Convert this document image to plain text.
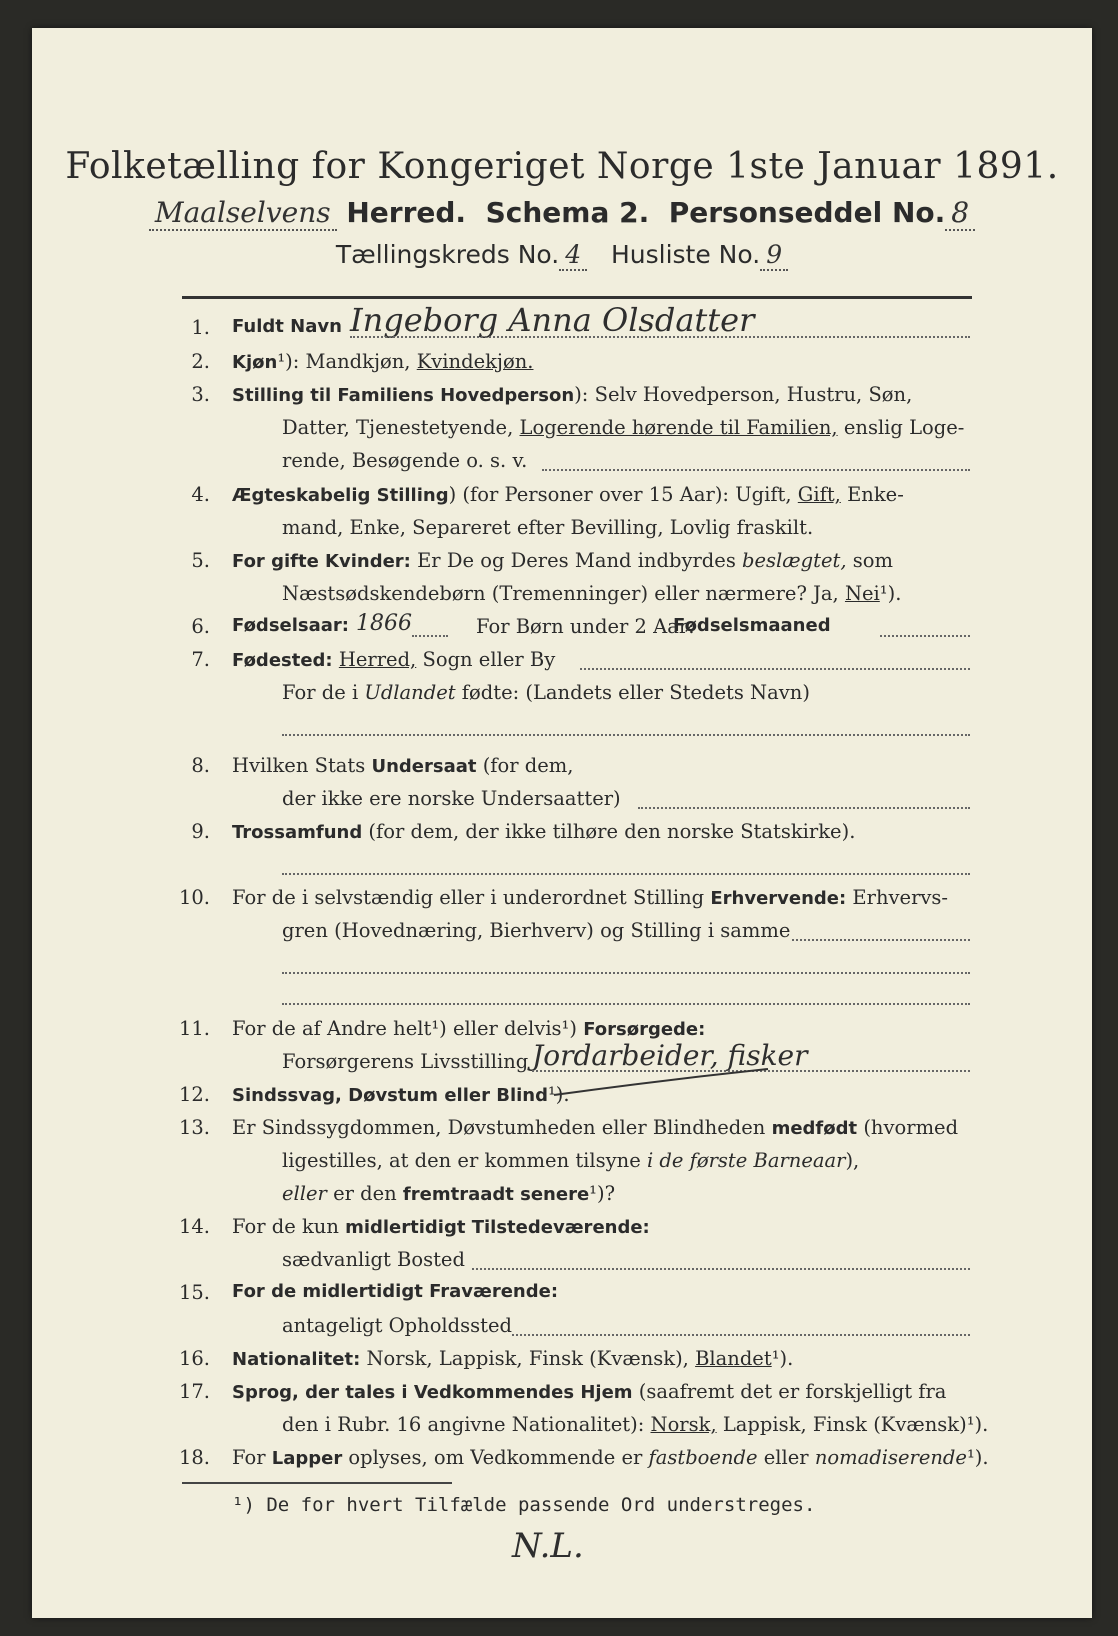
Folketælling for Kongeriget Norge 1ste Januar 1891.
Maalselvens Herred. Schema 2. Personseddel No. 8
Tællingskreds No. 4 Husliste No. 9
1. Fuldt Navn Ingeborg Anna Olsdatter
2. Kjøn¹): Mandkjøn, Kvindekjøn.
3. Stilling til Familiens Hovedperson): Selv Hovedperson, Hustru, Søn,
Datter, Tjenestetyende, Logerende hørende til Familien, enslig Loge-
rende, Besøgende o. s. v.
4. Ægteskabelig Stilling) (for Personer over 15 Aar): Ugift, Gift, Enke-
mand, Enke, Separeret efter Bevilling, Lovlig fraskilt.
5. For gifte Kvinder: Er De og Deres Mand indbyrdes beslægtet, som
Næstsødskendebørn (Tremenninger) eller nærmere? Ja, Nei¹).
6. Fødselsaar: 1866	For Børn under 2 Aar:
Fødselsmaaned
7. Fødested: Herred, Sogn eller By
For de i Udlandet fødte: (Landets eller Stedets Navn)
8. Hvilken Stats Undersaat (for dem,
der ikke ere norske Undersaatter)
9. Trossamfund (for dem, der ikke tilhøre den norske Statskirke).
10. For de i selvstændig eller i underordnet Stilling Erhvervende: Erhvervs-
gren (Hovednæring, Bierhverv) og Stilling i samme
11. For de af Andre helt¹) eller delvis¹) Forsørgede:
Forsørgerens Livsstilling Jordarbeider, fisker
12. Sindssvag, Døvstum eller Blind¹).
13. Er Sindssygdommen, Døvstumheden eller Blindheden medfødt (hvormed
ligestilles, at den er kommen tilsyne i de første Barneaar),
eller er den fremtraadt senere¹)?
14. For de kun midlertidigt Tilstedeværende:
sædvanligt Bosted
15. For de midlertidigt Fraværende:
antageligt Opholdssted
16. Nationalitet: Norsk, Lappisk, Finsk (Kvænsk), Blandet¹).
17. Sprog, der tales i Vedkommendes Hjem (saafremt det er forskjelligt fra
den i Rubr. 16 angivne Nationalitet): Norsk, Lappisk, Finsk (Kvænsk)¹).
18. For Lapper oplyses, om Vedkommende er fastboende eller nomadiserende¹).
¹) De for hvert Tilfælde passende Ord understreges.
N.L.
